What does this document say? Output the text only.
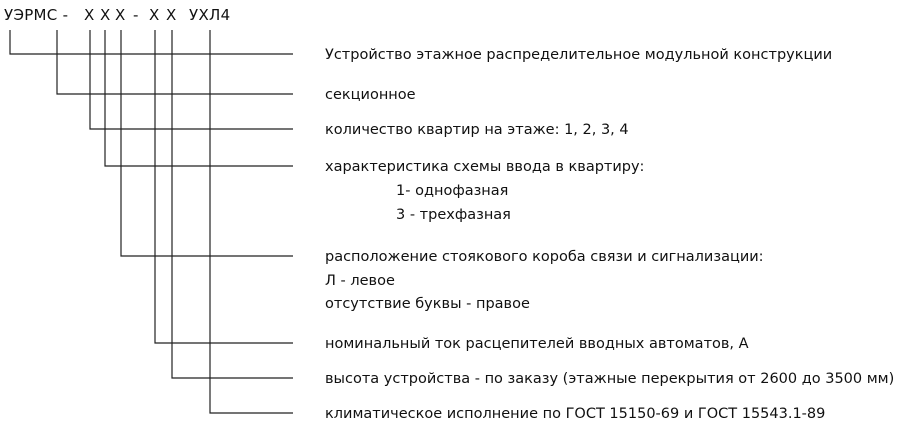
УЭРМС - Х Х Х - Х Х УХЛ4
Устройство этажное распределительное модульной конструкции
секционное
количество квартир на этаже: 1, 2, 3, 4
характеристика схемы ввода в квартиру:
1- однофазная
3 - трехфазная
расположение стоякового короба связи и сигнализации:
Л - левое
отсутствие буквы - правое
номинальный ток расцепителей вводных автоматов, А
высота устройства - по заказу (этажные перекрытия от 2600 до 3500 мм)
климатическое исполнение по ГОСТ 15150-69 и ГОСТ 15543.1-89
